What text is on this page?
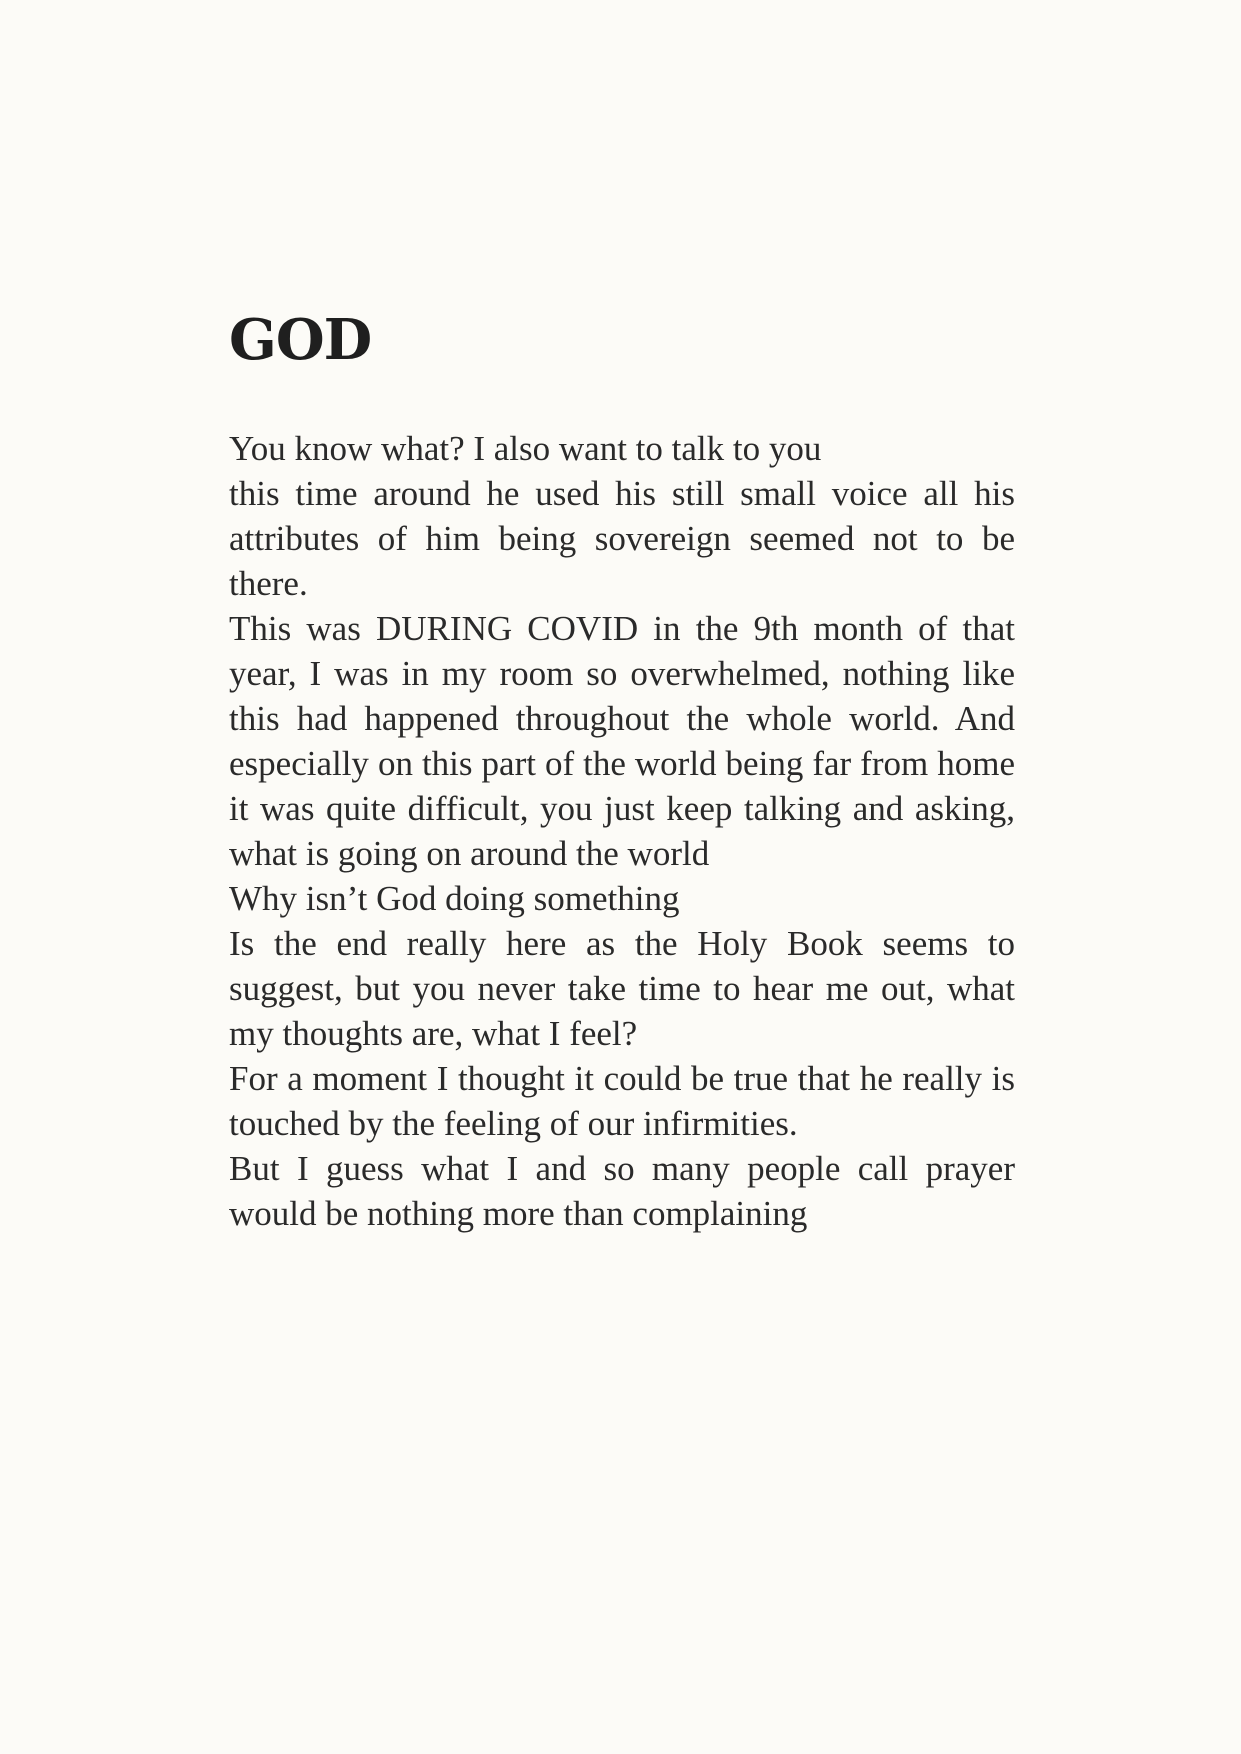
GOD

You know what? I also want to talk to you

this time around he used his still small voice all his attributes of him being sovereign seemed not to be there.

This was DURING COVID in the 9th month of that year, I was in my room so overwhelmed, nothing like this had happened throughout the whole world. And especially on this part of the world being far from home it was quite difficult, you just keep talking and asking, what is going on around the world

Why isn’t God doing something

Is the end really here as the Holy Book seems to suggest, but you never take time to hear me out, what my thoughts are, what I feel?

For a moment I thought it could be true that he really is touched by the feeling of our infirmities.

But I guess what I and so many people call prayer would be nothing more than complaining
